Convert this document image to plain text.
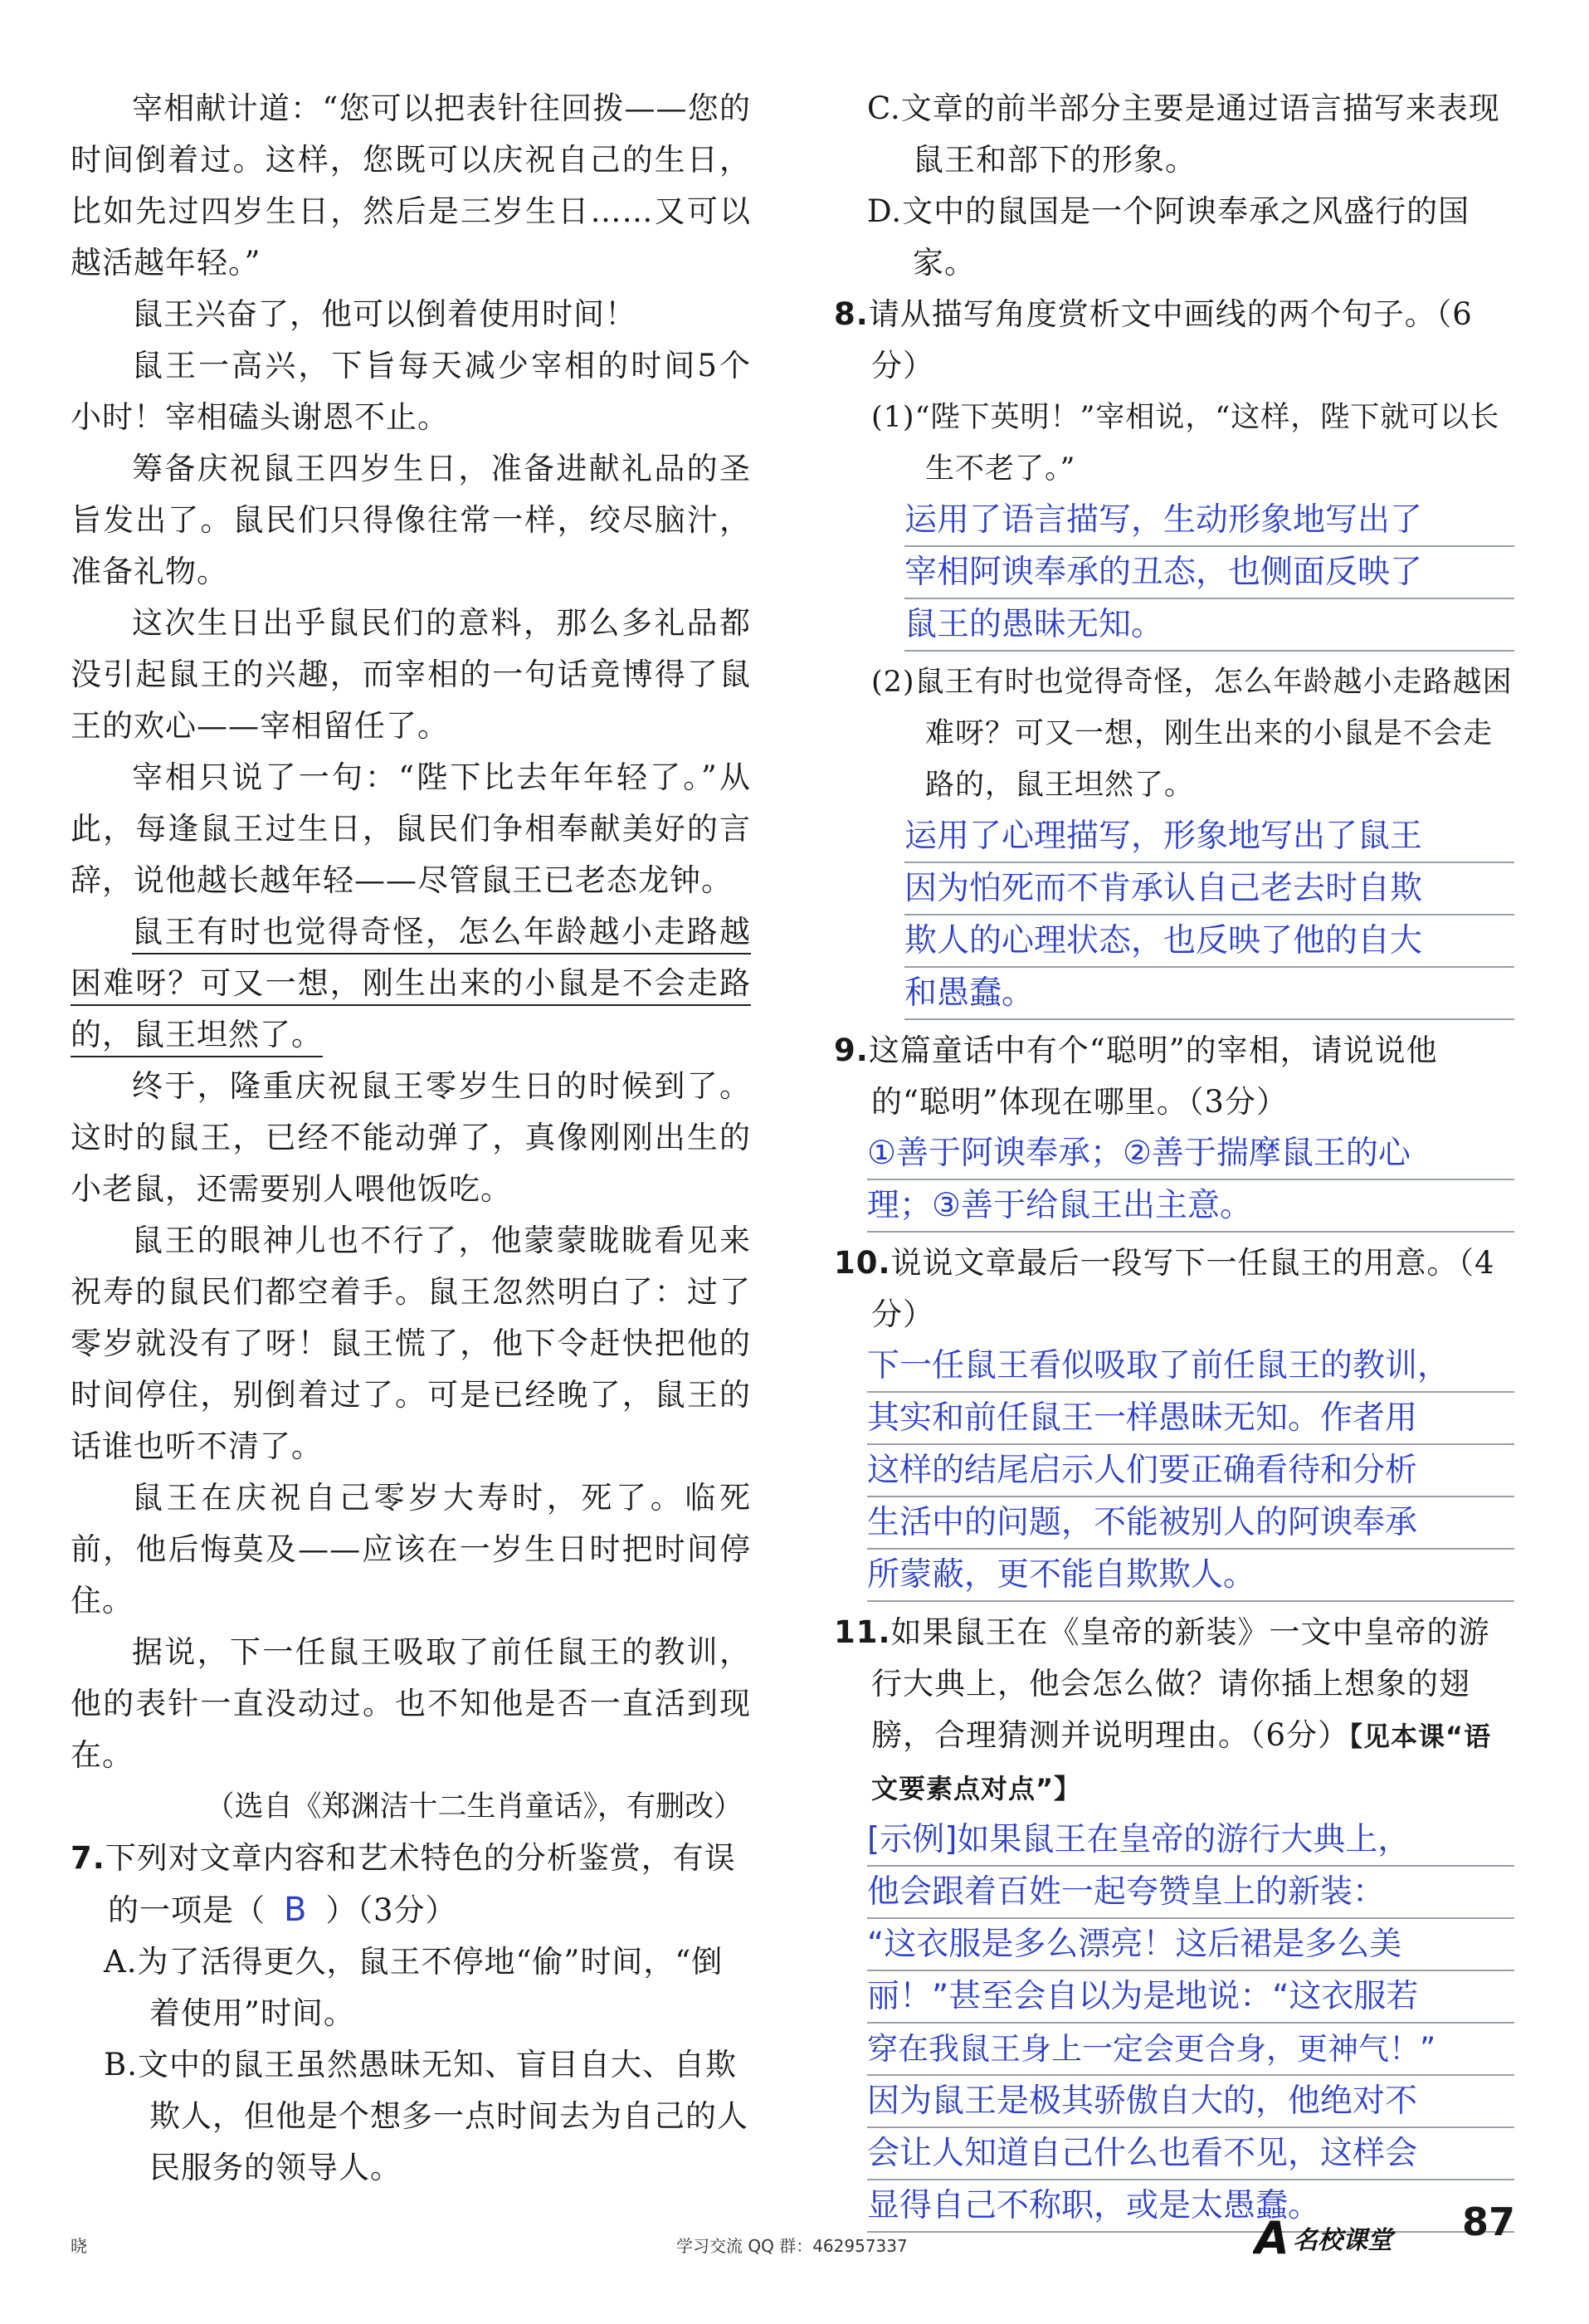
宰相献计道：“您可以把表针往回拨——您的时间倒着过。这样，您既可以庆祝自己的生日，比如先过四岁生日，然后是三岁生日……又可以越活越年轻。”

鼠王兴奋了，他可以倒着使用时间！

鼠王一高兴，下旨每天减少宰相的时间5个小时！宰相磕头谢恩不止。

筹备庆祝鼠王四岁生日，准备进献礼品的圣旨发出了。鼠民们只得像往常一样，绞尽脑汁，准备礼物。

这次生日出乎鼠民们的意料，那么多礼品都没引起鼠王的兴趣，而宰相的一句话竟博得了鼠王的欢心——宰相留任了。

宰相只说了一句：“陛下比去年年轻了。”从此，每逢鼠王过生日，鼠民们争相奉献美好的言辞，说他越长越年轻——尽管鼠王已老态龙钟。

鼠王有时也觉得奇怪，怎么年龄越小走路越困难呀？可又一想，刚生出来的小鼠是不会走路的，鼠王坦然了。

终于，隆重庆祝鼠王零岁生日的时候到了。这时的鼠王，已经不能动弹了，真像刚刚出生的小老鼠，还需要别人喂他饭吃。

鼠王的眼神儿也不行了，他蒙蒙眬眬看见来祝寿的鼠民们都空着手。鼠王忽然明白了：过了零岁就没有了呀！鼠王慌了，他下令赶快把他的时间停住，别倒着过了。可是已经晚了，鼠王的话谁也听不清了。

鼠王在庆祝自己零岁大寿时，死了。临死前，他后悔莫及——应该在一岁生日时把时间停住。

据说，下一任鼠王吸取了前任鼠王的教训，他的表针一直没动过。也不知他是否一直活到现在。

（选自《郑渊洁十二生肖童话》，有删改）

7.下列对文章内容和艺术特色的分析鉴赏，有误的一项是（ B ）（3分）

A.为了活得更久，鼠王不停地“偷”时间，“倒着使用”时间。

B.文中的鼠王虽然愚昧无知、盲目自大、自欺欺人，但他是个想多一点时间去为自己的人民服务的领导人。

C.文章的前半部分主要是通过语言描写来表现鼠王和部下的形象。

D.文中的鼠国是一个阿谀奉承之风盛行的国家。

8.请从描写角度赏析文中画线的两个句子。（6分）

(1)“陛下英明！”宰相说，“这样，陛下就可以长生不老了。”

运用了语言描写，生动形象地写出了
宰相阿谀奉承的丑态，也侧面反映了
鼠王的愚昧无知。

(2)鼠王有时也觉得奇怪，怎么年龄越小走路越困难呀？可又一想，刚生出来的小鼠是不会走路的，鼠王坦然了。

运用了心理描写，形象地写出了鼠王
因为怕死而不肯承认自己老去时自欺
欺人的心理状态，也反映了他的自大
和愚蠢。

9.这篇童话中有个“聪明”的宰相，请说说他的“聪明”体现在哪里。（3分）

①善于阿谀奉承；②善于揣摩鼠王的心
理；③善于给鼠王出主意。

10.说说文章最后一段写下一任鼠王的用意。（4分）

下一任鼠王看似吸取了前任鼠王的教训，
其实和前任鼠王一样愚昧无知。作者用
这样的结尾启示人们要正确看待和分析
生活中的问题，不能被别人的阿谀奉承
所蒙蔽，更不能自欺欺人。

11.如果鼠王在《皇帝的新装》一文中皇帝的游行大典上，他会怎么做？请你插上想象的翅膀，合理猜测并说明理由。（6分）【见本课“语文要素点对点”】

[示例]如果鼠王在皇帝的游行大典上，
他会跟着百姓一起夸赞皇上的新装：
“这衣服是多么漂亮！这后裙是多么美
丽！”甚至会自以为是地说：“这衣服若
穿在我鼠王身上一定会更合身，更神气！”
因为鼠王是极其骄傲自大的，他绝对不
会让人知道自己什么也看不见，这样会
显得自己不称职，或是太愚蠢。
晓	学习交流 QQ 群：462957337	A 名校课堂 87
